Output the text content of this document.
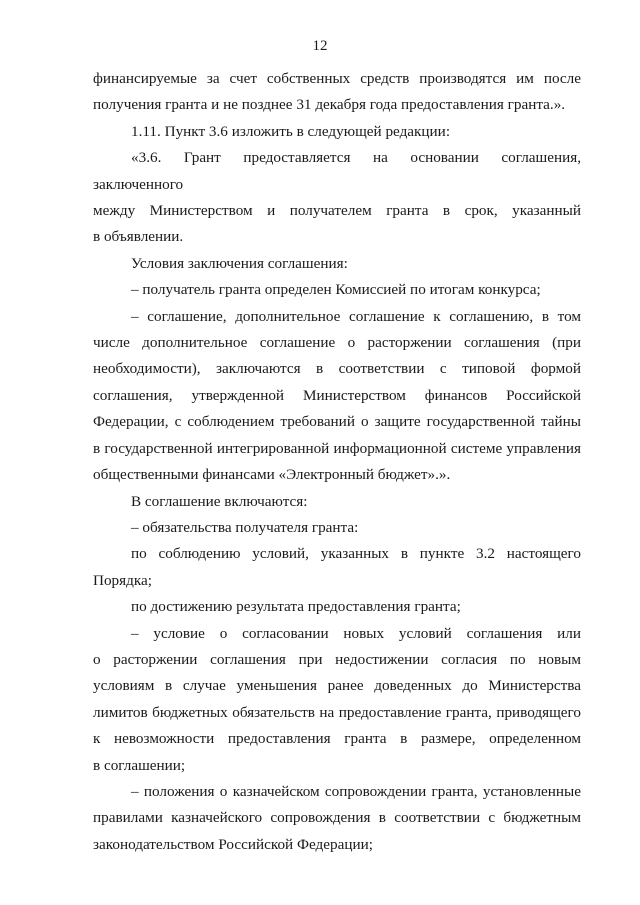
12

финансируемые за счет собственных средств производятся им после
получения гранта и не позднее 31 декабря года предоставления гранта.».

1.11. Пункт 3.6 изложить в следующей редакции:

«3.6. Грант предоставляется на основании соглашения, заключенного
между Министерством и получателем гранта в срок, указанный
в объявлении.

Условия заключения соглашения:

– получатель гранта определен Комиссией по итогам конкурса;

– соглашение, дополнительное соглашение к соглашению, в том
числе дополнительное соглашение о расторжении соглашения (при
необходимости), заключаются в соответствии с типовой формой
соглашения, утвержденной Министерством финансов Российской
Федерации, с соблюдением требований о защите государственной тайны
в государственной интегрированной информационной системе управления
общественными финансами «Электронный бюджет».».

В соглашение включаются:

– обязательства получателя гранта:

по соблюдению условий, указанных в пункте 3.2 настоящего
Порядка;

по достижению результата предоставления гранта;

– условие о согласовании новых условий соглашения или
о расторжении соглашения при недостижении согласия по новым
условиям в случае уменьшения ранее доведенных до Министерства
лимитов бюджетных обязательств на предоставление гранта, приводящего
к невозможности предоставления гранта в размере, определенном
в соглашении;

– положения о казначейском сопровождении гранта, установленные
правилами казначейского сопровождения в соответствии с бюджетным
законодательством Российской Федерации;
